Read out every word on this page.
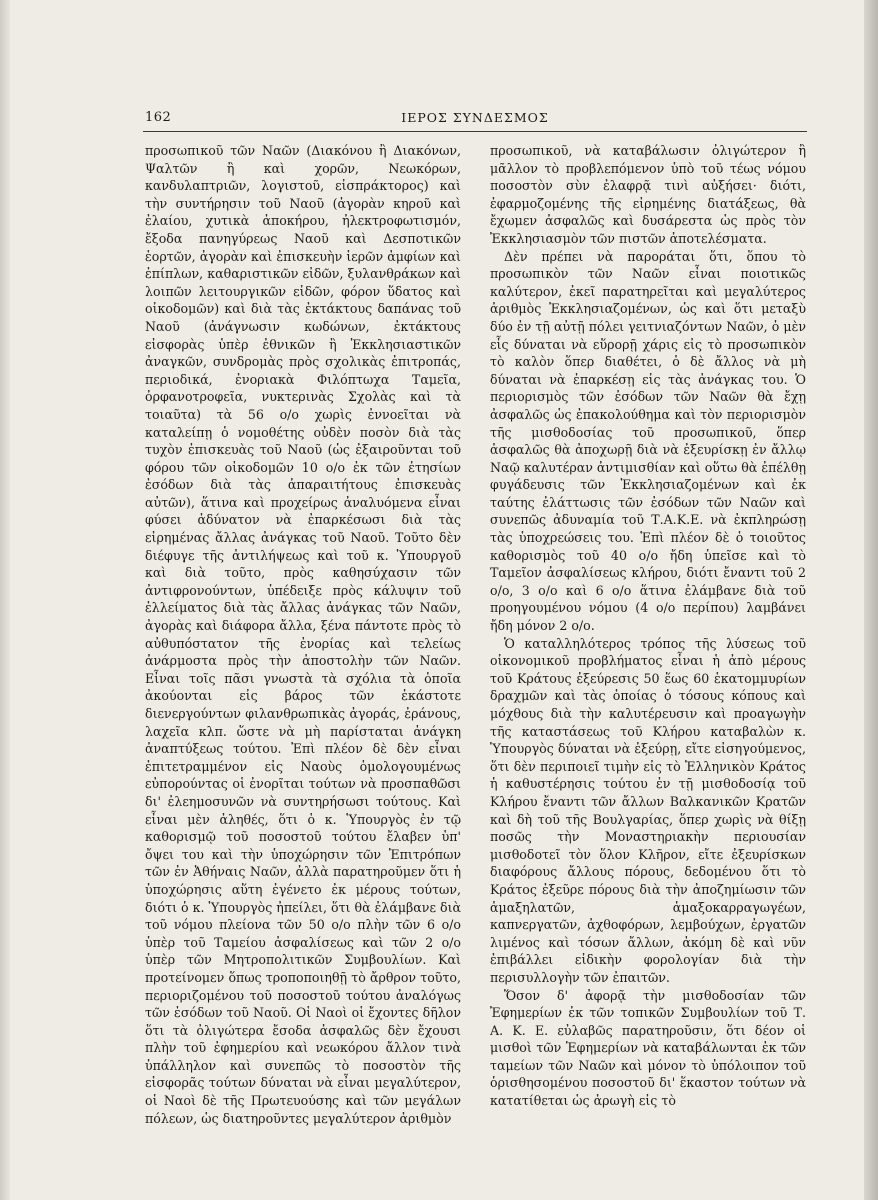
162	ΙΕΡΟΣ ΣΥΝΔΕΣΜΟΣ

προσωπικοῦ τῶν Ναῶν (Διακόνου ἢ Διακόνων, Ψαλτῶν ἢ καὶ χορῶν, Νεωκόρων, κανδυλαπτριῶν, λογιστοῦ, εἰσπράκτορος) καὶ τὴν συντήρησιν τοῦ Ναοῦ (ἀγορὰν κηροῦ καὶ ἐλαίου, χυτικὰ ἀποκήρου, ἠλεκτροφωτισμόν, ἔξοδα πανηγύρεως Ναοῦ καὶ Δεσποτικῶν ἑορτῶν, ἀγορὰν καὶ ἐπισκευὴν ἱερῶν ἀμφίων καὶ ἐπίπλων, καθαριστικῶν εἰδῶν, ξυλανθράκων καὶ λοιπῶν λειτουργικῶν εἰδῶν, φόρον ὕδατος καὶ οἰκοδομῶν) καὶ διὰ τὰς ἐκτάκτους δαπάνας τοῦ Ναοῦ (ἀνάγνωσιν κωδώνων, ἐκτάκτους εἰσφορὰς ὑπὲρ ἐθνικῶν ἢ Ἐκκλησιαστικῶν ἀναγκῶν, συνδρομὰς πρὸς σχολικὰς ἐπιτροπάς, περιοδικά, ἐνοριακὰ Φιλόπτωχα Ταμεῖα, ὀρφανοτροφεῖα, νυκτερινὰς Σχολὰς καὶ τὰ τοιαῦτα) τὰ 56 ο/ο χωρὶς ἐννοεῖται νὰ καταλείπῃ ὁ νομοθέτης οὐδὲν ποσὸν διὰ τὰς τυχὸν ἐπισκευὰς τοῦ Ναοῦ (ὡς ἐξαιροῦνται τοῦ φόρου τῶν οἰκοδομῶν 10 ο/ο ἐκ τῶν ἐτησίων ἐσόδων διὰ τὰς ἀπαραιτήτους ἐπισκευὰς αὐτῶν), ἅτινα καὶ προχείρως ἀναλυόμενα εἶναι φύσει ἀδύνατον νὰ ἐπαρκέσωσι διὰ τὰς εἰρημένας ἄλλας ἀνάγκας τοῦ Ναοῦ. Τοῦτο δὲν διέφυγε τῆς ἀντιλήψεως καὶ τοῦ κ. Ὑπουργοῦ καὶ διὰ τοῦτο, πρὸς καθησύχασιν τῶν ἀντιφρονούντων, ὑπέδειξε πρὸς κάλυψιν τοῦ ἐλλείματος διὰ τὰς ἄλλας ἀνάγκας τῶν Ναῶν, ἀγορὰς καὶ διάφορα ἄλλα, ξένα πάντοτε πρὸς τὸ αὐθυπόστατον τῆς ἐνορίας καὶ τελείως ἀνάρμοστα πρὸς τὴν ἀποστολὴν τῶν Ναῶν. Εἶναι τοῖς πᾶσι γνωστὰ τὰ σχόλια τὰ ὁποῖα ἀκούονται εἰς βάρος τῶν ἑκάστοτε διενεργούντων φιλανθρωπικὰς ἀγοράς, ἐράνους, λαχεῖα κλπ. ὥστε νὰ μὴ παρίσταται ἀνάγκη ἀναπτύξεως τούτου. Ἐπὶ πλέον δὲ δὲν εἶναι ἐπιτετραμμένον εἰς Ναοὺς ὁμολογουμένως εὐπορούντας οἱ ἐνορῖται τούτων νὰ προσπαθῶσι δι' ἐλεημοσυνῶν νὰ συντηρήσωσι τούτους. Καὶ εἶναι μὲν ἀληθές, ὅτι ὁ κ. Ὑπουργὸς ἐν τῷ καθορισμῷ τοῦ ποσοστοῦ τούτου ἔλαβεν ὑπ' ὄψει του καὶ τὴν ὑποχώρησιν τῶν Ἐπιτρόπων τῶν ἐν Ἀθήναις Ναῶν, ἀλλὰ παρατηροῦμεν ὅτι ἡ ὑποχώρησις αὕτη ἐγένετο ἐκ μέρους τούτων, διότι ὁ κ. Ὑπουργὸς ἠπείλει, ὅτι θὰ ἐλάμβανε διὰ τοῦ νόμου πλείονα τῶν 50 ο/ο πλὴν τῶν 6 ο/ο ὑπὲρ τοῦ Ταμείου ἀσφαλίσεως καὶ τῶν 2 ο/ο ὑπὲρ τῶν Μητροπολιτικῶν Συμβουλίων. Καὶ προτείνομεν ὅπως τροποποιηθῇ τὸ ἄρθρον τοῦτο, περιοριζομένου τοῦ ποσοστοῦ τούτου ἀναλόγως τῶν ἐσόδων τοῦ Ναοῦ. Οἱ Ναοὶ οἱ ἔχοντες δῆλον ὅτι τὰ ὀλιγώτερα ἔσοδα ἀσφαλῶς δὲν ἔχουσι πλὴν τοῦ ἐφημερίου καὶ νεωκόρου ἄλλον τινὰ ὑπάλληλον καὶ συνεπῶς τὸ ποσοστὸν τῆς εἰσφορᾶς τούτων δύναται νὰ εἶναι μεγαλύτερον, οἱ Ναοὶ δὲ τῆς Πρωτευούσης καὶ τῶν μεγάλων πόλεων, ὡς διατηροῦντες μεγαλύτερον ἀριθμὸν

προσωπικοῦ, νὰ καταβάλωσιν ὀλιγώτερον ἢ μᾶλλον τὸ προβλεπόμενον ὑπὸ τοῦ τέως νόμου ποσοστὸν σὺν ἐλαφρᾷ τινὶ αὐξήσει· διότι, ἐφαρμοζομένης τῆς εἰρημένης διατάξεως, θὰ ἔχωμεν ἀσφαλῶς καὶ δυσάρεστα ὡς πρὸς τὸν Ἐκκλησιασμὸν τῶν πιστῶν ἀποτελέσματα.

Δὲν πρέπει νὰ παροράται ὅτι, ὅπου τὸ προσωπικὸν τῶν Ναῶν εἶναι ποιοτικῶς καλύτερον, ἐκεῖ παρατηρεῖται καὶ μεγαλύτερος ἀριθμὸς Ἐκκλησιαζομένων, ὡς καὶ ὅτι μεταξὺ δύο ἐν τῇ αὐτῇ πόλει γειτνιαζόντων Ναῶν, ὁ μὲν εἷς δύναται νὰ εὕρορῇ χάρις εἰς τὸ προσωπικὸν τὸ καλὸν ὅπερ διαθέτει, ὁ δὲ ἄλλος νὰ μὴ δύναται νὰ ἐπαρκέσῃ εἰς τὰς ἀνάγκας του. Ὁ περιορισμὸς τῶν ἐσόδων τῶν Ναῶν θὰ ἔχῃ ἀσφαλῶς ὡς ἐπακολούθημα καὶ τὸν περιορισμὸν τῆς μισθοδοσίας τοῦ προσωπικοῦ, ὅπερ ἀσφαλῶς θὰ ἀποχωρῇ διὰ νὰ ἐξευρίσκῃ ἐν ἄλλῳ Ναῷ καλυτέραν ἀντιμισθίαν καὶ οὕτω θὰ ἐπέλθῃ φυγάδευσις τῶν Ἐκκλησιαζομένων καὶ ἐκ ταύτης ἐλάττωσις τῶν ἐσόδων τῶν Ναῶν καὶ συνεπῶς ἀδυναμία τοῦ Τ.Α.Κ.Ε. νὰ ἐκπληρώσῃ τὰς ὑποχρεώσεις του. Ἐπὶ πλέον δὲ ὁ τοιοῦτος καθορισμὸς τοῦ 40 ο/ο ἤδη ὑπεῖσε καὶ τὸ Ταμεῖον ἀσφαλίσεως κλήρου, διότι ἔναντι τοῦ 2 ο/ο, 3 ο/ο καὶ 6 ο/ο ἅτινα ἐλάμβανε διὰ τοῦ προηγουμένου νόμου (4 ο/ο περίπου) λαμβάνει ἤδη μόνον 2 ο/ο.

Ὁ καταλληλότερος τρόπος τῆς λύσεως τοῦ οἰκονομικοῦ προβλήματος εἶναι ἡ ἀπὸ μέρους τοῦ Κράτους ἐξεύρεσις 50 ἕως 60 ἑκατομμυρίων δραχμῶν καὶ τὰς ὁποίας ὁ τόσους κόπους καὶ μόχθους διὰ τὴν καλυτέρευσιν καὶ προαγωγὴν τῆς καταστάσεως τοῦ Κλήρου καταβαλὼν κ. Ὑπουργὸς δύναται νὰ ἐξεύρῃ, εἴτε εἰσηγούμενος, ὅτι δὲν περιποιεῖ τιμὴν εἰς τὸ Ἑλληνικὸν Κράτος ἡ καθυστέρησις τούτου ἐν τῇ μισθοδοσίᾳ τοῦ Κλήρου ἔναντι τῶν ἄλλων Βαλκανικῶν Κρατῶν καὶ δὴ τοῦ τῆς Βουλγαρίας, ὅπερ χωρὶς νὰ θίξῃ ποσῶς τὴν Μοναστηριακὴν περιουσίαν μισθοδοτεῖ τὸν ὅλον Κλῆρον, εἴτε ἐξευρίσκων διαφόρους ἄλλους πόρους, δεδομένου ὅτι τὸ Κράτος ἐξεῦρε πόρους διὰ τὴν ἀποζημίωσιν τῶν ἁμαξηλατῶν, ἁμαξοκαρραγωγέων, καπνεργατῶν, ἀχθοφόρων, λεμβούχων, ἐργατῶν λιμένος καὶ τόσων ἄλλων, ἀκόμη δὲ καὶ νῦν ἐπιβάλλει εἰδικὴν φορολογίαν διὰ τὴν περισυλλογὴν τῶν ἐπαιτῶν.

Ὅσον δ' ἀφορᾷ τὴν μισθοδοσίαν τῶν Ἐφημερίων ἐκ τῶν τοπικῶν Συμβουλίων τοῦ Τ. Α. Κ. Ε. εὐλαβῶς παρατηροῦσιν, ὅτι δέον οἱ μισθοὶ τῶν Ἐφημερίων νὰ καταβάλωνται ἐκ τῶν ταμείων τῶν Ναῶν καὶ μόνον τὸ ὑπόλοιπον τοῦ ὁρισθησομένου ποσοστοῦ δι' ἕκαστον τούτων νὰ κατατίθεται ὡς ἀρωγὴ εἰς τὸ
